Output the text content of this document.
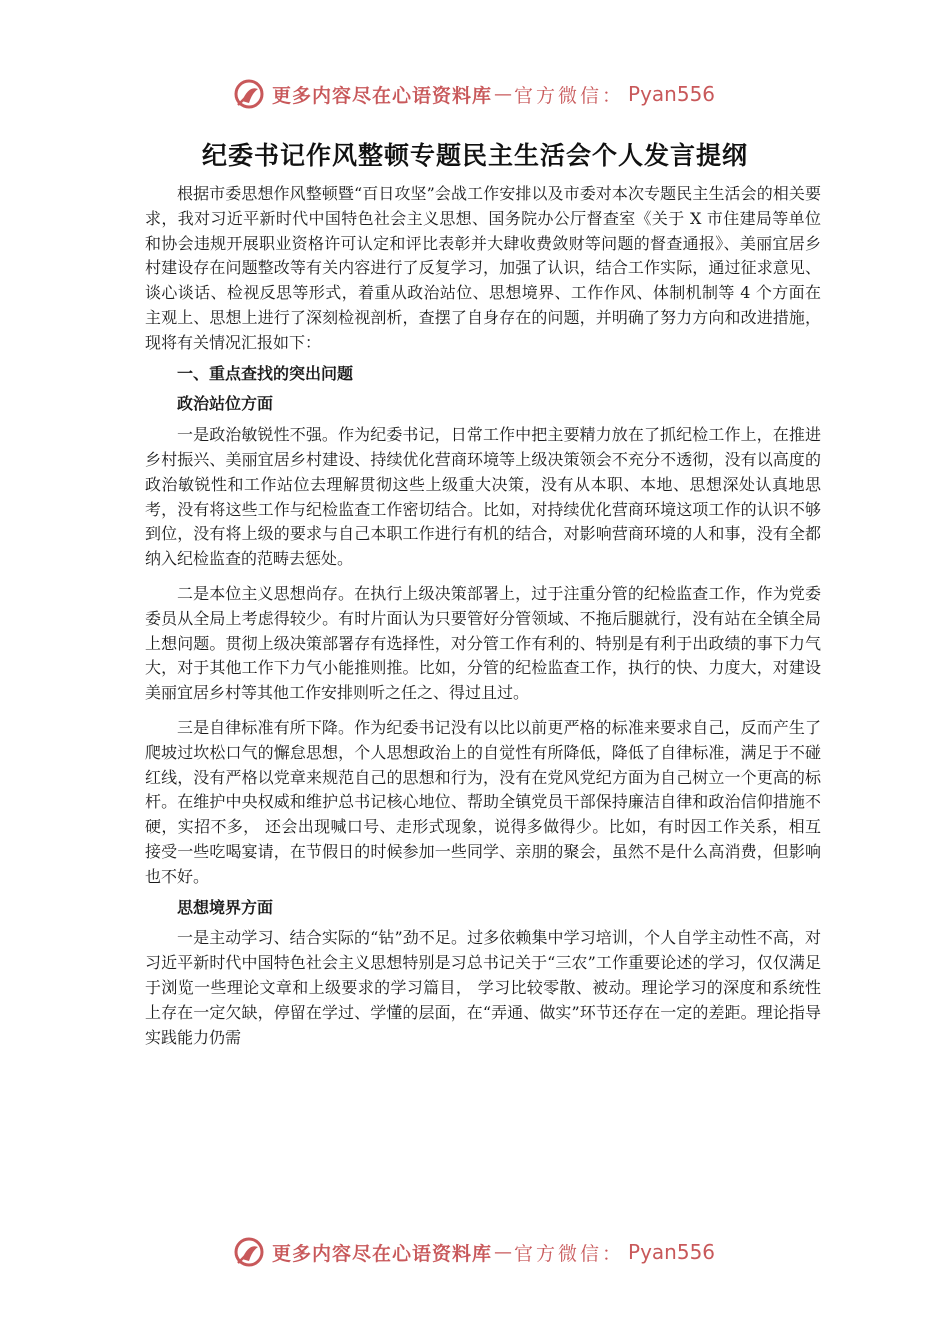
更多内容尽在心语资料库 — 官方微信： Pyan556
纪委书记作风整顿专题民主生活会个人发言提纲

根据市委思想作风整顿暨“百日攻坚”会战工作安排以及市委对本次专题民主生活会的相关要求，我对习近平新时代中国特色社会主义思想、国务院办公厅督查室《关于 X 市住建局等单位和协会违规开展职业资格许可认定和评比表彰并大肆收费敛财等问题的督查通报》、美丽宜居乡村建设存在问题整改等有关内容进行了反复学习，加强了认识，结合工作实际，通过征求意见、谈心谈话、检视反思等形式，着重从政治站位、思想境界、工作作风、体制机制等 4 个方面在主观上、思想上进行了深刻检视剖析，查摆了自身存在的问题，并明确了努力方向和改进措施，现将有关情况汇报如下：

一、重点查找的突出问题

政治站位方面

一是政治敏锐性不强。作为纪委书记，日常工作中把主要精力放在了抓纪检工作上，在推进乡村振兴、美丽宜居乡村建设、持续优化营商环境等上级决策领会不充分不透彻，没有以高度的政治敏锐性和工作站位去理解贯彻这些上级重大决策，没有从本职、本地、思想深处认真地思考，没有将这些工作与纪检监查工作密切结合。比如，对持续优化营商环境这项工作的认识不够到位，没有将上级的要求与自己本职工作进行有机的结合，对影响营商环境的人和事，没有全都纳入纪检监查的范畴去惩处。

二是本位主义思想尚存。在执行上级决策部署上，过于注重分管的纪检监查工作，作为党委委员从全局上考虑得较少。有时片面认为只要管好分管领域、不拖后腿就行，没有站在全镇全局上想问题。贯彻上级决策部署存有选择性，对分管工作有利的、特别是有利于出政绩的事下力气大，对于其他工作下力气小能推则推。比如，分管的纪检监查工作，执行的快、力度大，对建设美丽宜居乡村等其他工作安排则听之任之、得过且过。

三是自律标准有所下降。作为纪委书记没有以比以前更严格的标准来要求自己，反而产生了爬坡过坎松口气的懈怠思想，个人思想政治上的自觉性有所降低，降低了自律标准，满足于不碰红线，没有严格以党章来规范自己的思想和行为，没有在党风党纪方面为自己树立一个更高的标杆。在维护中央权威和维护总书记核心地位、帮助全镇党员干部保持廉洁自律和政治信仰措施不硬，实招不多， 还会出现喊口号、走形式现象，说得多做得少。比如，有时因工作关系，相互接受一些吃喝宴请，在节假日的时候参加一些同学、亲朋的聚会，虽然不是什么高消费，但影响也不好。

思想境界方面

一是主动学习、结合实际的“钻”劲不足。过多依赖集中学习培训，个人自学主动性不高，对习近平新时代中国特色社会主义思想特别是习总书记关于“三农”工作重要论述的学习，仅仅满足于浏览一些理论文章和上级要求的学习篇目， 学习比较零散、被动。理论学习的深度和系统性上存在一定欠缺，停留在学过、学懂的层面，在“弄通、做实”环节还存在一定的差距。理论指导实践能力仍需

更多内容尽在心语资料库 — 官方微信： Pyan556
